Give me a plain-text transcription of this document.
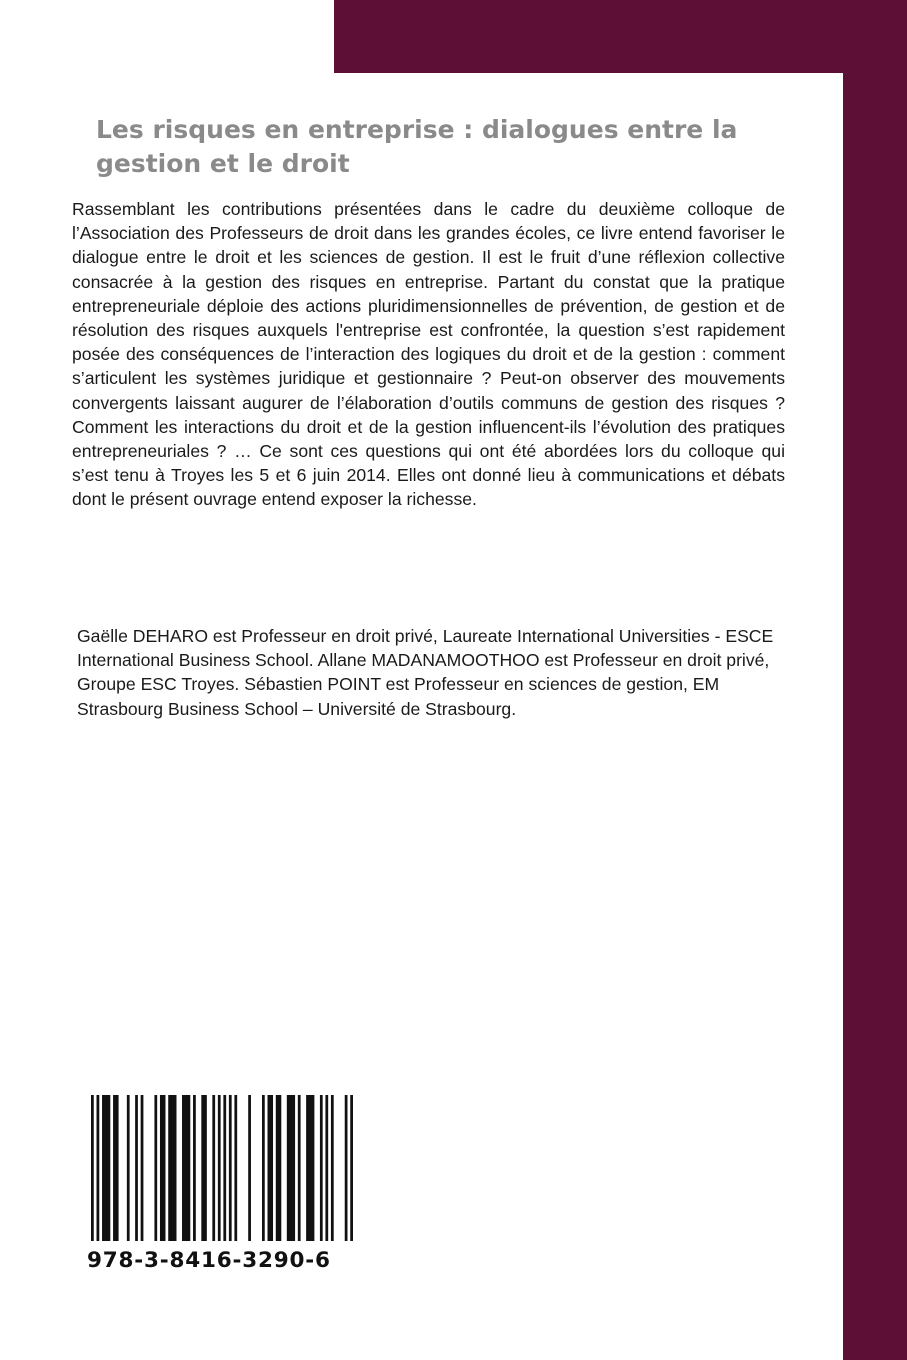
Les risques en entreprise : dialogues entre la gestion et le droit

Rassemblant les contributions présentées dans le cadre du deuxième colloque de l’Association des Professeurs de droit dans les grandes écoles, ce livre entend favoriser le dialogue entre le droit et les sciences de gestion. Il est le fruit d’une réflexion collective consacrée à la gestion des risques en entreprise. Partant du constat que la pratique entrepreneuriale déploie des actions pluridimensionnelles de prévention, de gestion et de résolution des risques auxquels l'entreprise est confrontée, la question s’est rapidement posée des conséquences de l’interaction des logiques du droit et de la gestion : comment s’articulent les systèmes juridique et gestionnaire ? Peut-on observer des mouvements convergents laissant augurer de l’élaboration d’outils communs de gestion des risques ? Comment les interactions du droit et de la gestion influencent-ils l’évolution des pratiques entrepreneuriales ? … Ce sont ces questions qui ont été abordées lors du colloque qui s’est tenu à Troyes les 5 et 6 juin 2014. Elles ont donné lieu à communications et débats dont le présent ouvrage entend exposer la richesse.

Gaëlle DEHARO est Professeur en droit privé, Laureate International Universities - ESCE International Business School. Allane MADANAMOOTHOO est Professeur en droit privé, Groupe ESC Troyes. Sébastien POINT est Professeur en sciences de gestion, EM Strasbourg Business School – Université de Strasbourg.

978-3-8416-3290-6
